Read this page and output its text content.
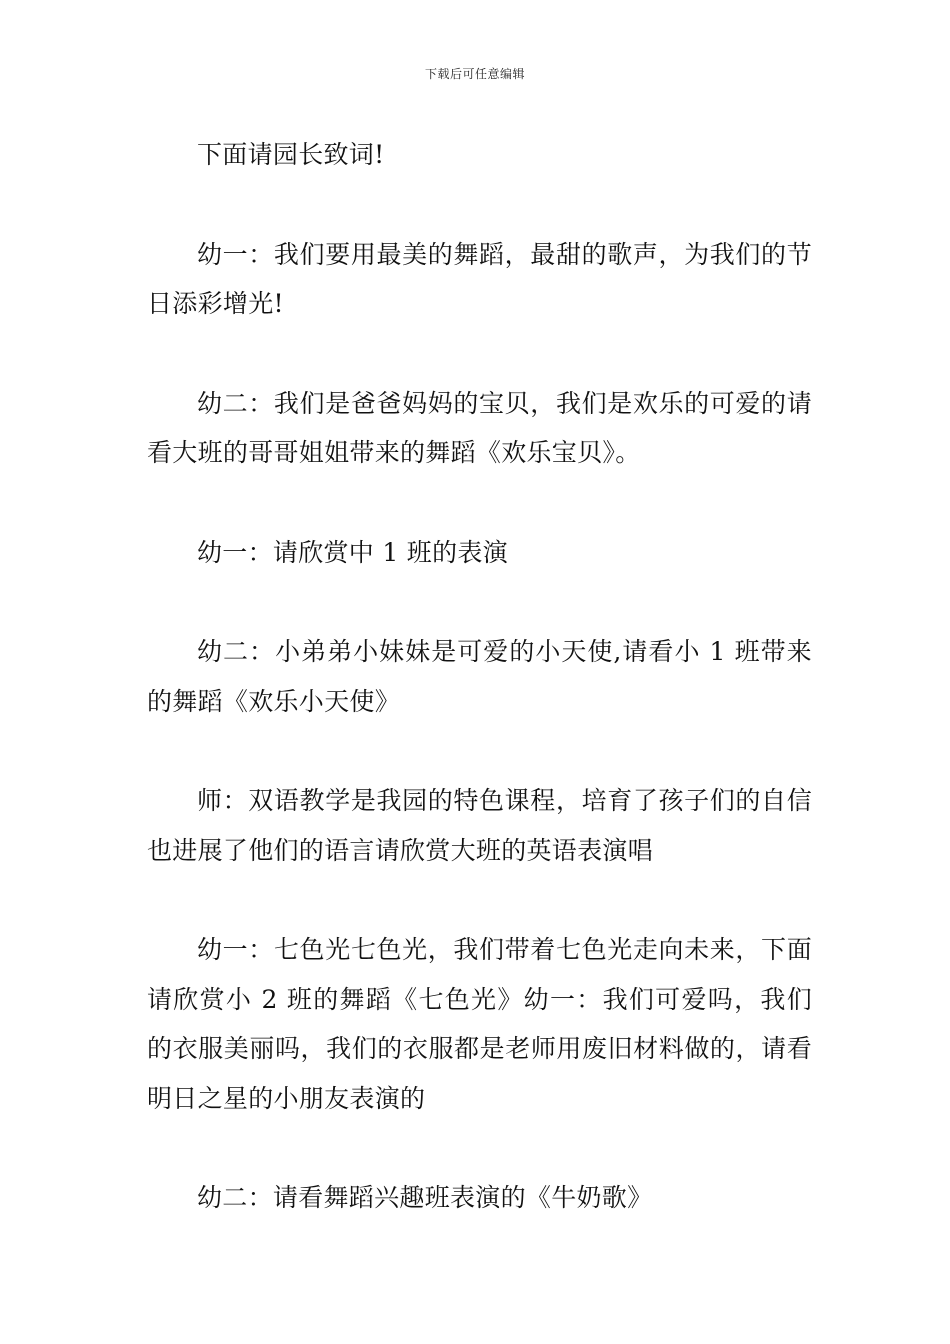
下载后可任意编辑

下面请园长致词!

幼一：我们要用最美的舞蹈，最甜的歌声，为我们的节日添彩增光!

幼二：我们是爸爸妈妈的宝贝，我们是欢乐的可爱的请看大班的哥哥姐姐带来的舞蹈《欢乐宝贝》。

幼一：请欣赏中 1 班的表演

幼二：小弟弟小妹妹是可爱的小天使,请看小 1 班带来的舞蹈《欢乐小天使》

师：双语教学是我园的特色课程，培育了孩子们的自信也进展了他们的语言请欣赏大班的英语表演唱

幼一：七色光七色光，我们带着七色光走向未来，下面请欣赏小 2 班的舞蹈《七色光》幼一：我们可爱吗，我们的衣服美丽吗，我们的衣服都是老师用废旧材料做的，请看明日之星的小朋友表演的

幼二：请看舞蹈兴趣班表演的《牛奶歌》
